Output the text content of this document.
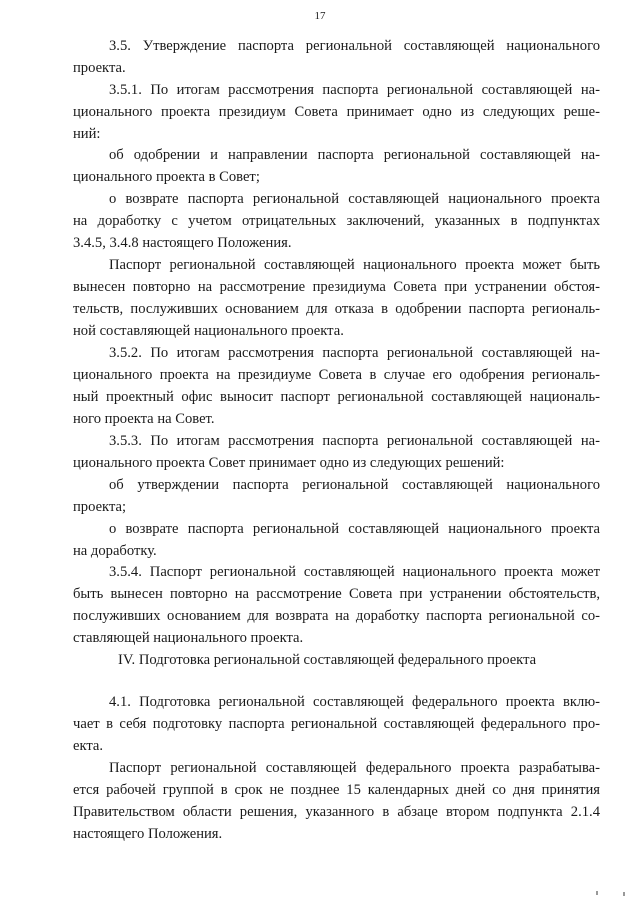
17
3.5. Утверждение паспорта региональной составляющей национального
проекта.
3.5.1. По итогам рассмотрения паспорта региональной составляющей на-
ционального проекта президиум Совета принимает одно из следующих реше-
ний:
об одобрении и направлении паспорта региональной составляющей на-
ционального проекта в Совет;
о возврате паспорта региональной составляющей национального проекта
на доработку с учетом отрицательных заключений, указанных в подпунктах
3.4.5, 3.4.8 настоящего Положения.
Паспорт региональной составляющей национального проекта может быть
вынесен повторно на рассмотрение президиума Совета при устранении обстоя-
тельств, послуживших основанием для отказа в одобрении паспорта региональ-
ной составляющей национального проекта.
3.5.2. По итогам рассмотрения паспорта региональной составляющей на-
ционального проекта на президиуме Совета в случае его одобрения региональ-
ный проектный офис выносит паспорт региональной составляющей националь-
ного проекта на Совет.
3.5.3. По итогам рассмотрения паспорта региональной составляющей на-
ционального проекта Совет принимает одно из следующих решений:
об утверждении паспорта региональной составляющей национального
проекта;
о возврате паспорта региональной составляющей национального проекта
на доработку.
3.5.4. Паспорт региональной составляющей национального проекта может
быть вынесен повторно на рассмотрение Совета при устранении обстоятельств,
послуживших основанием для возврата на доработку паспорта региональной со-
ставляющей национального проекта.
IV. Подготовка региональной составляющей федерального проекта
4.1. Подготовка региональной составляющей федерального проекта вклю-
чает в себя подготовку паспорта региональной составляющей федерального про-
екта.
Паспорт региональной составляющей федерального проекта разрабатыва-
ется рабочей группой в срок не позднее 15 календарных дней со дня принятия
Правительством области решения, указанного в абзаце втором подпункта 2.1.4
настоящего Положения.
